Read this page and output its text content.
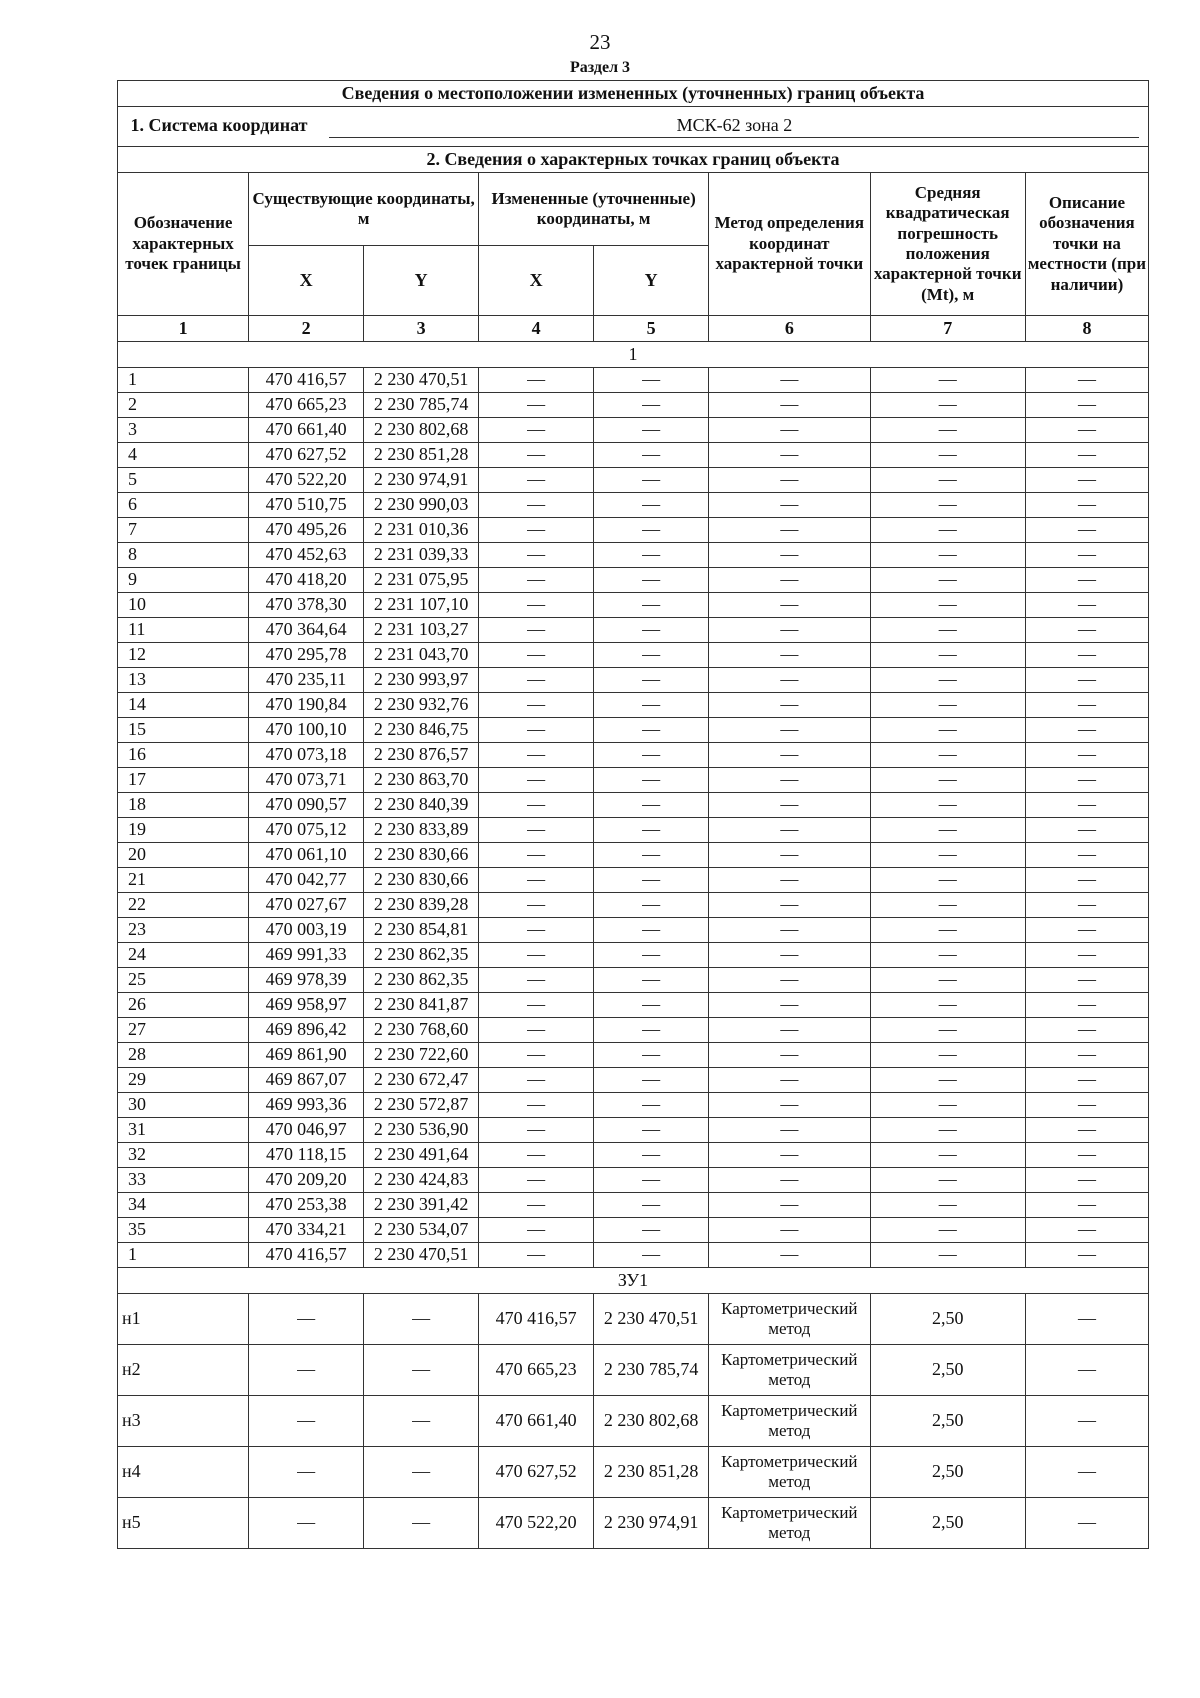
23
Раздел 3
Сведения о местоположении измененных (уточненных) границ объекта							
1. Система координат МСК-62 зона 2							
2. Сведения о характерных точках границ объекта							
Обозначение характерных точек границы	Существующие координаты, м		Измененные (уточненные) координаты, м		Метод определения координат характерной точки	Средняя квадратическая погрешность положения характерной точки (Mt), м	Описание обозначения точки на местности (при наличии)
	X	Y	X	Y			
1	2	3	4	5	6	7	8
1							
1	470 416,57	2 230 470,51	—	—	—	—	—
2	470 665,23	2 230 785,74	—	—	—	—	—
3	470 661,40	2 230 802,68	—	—	—	—	—
4	470 627,52	2 230 851,28	—	—	—	—	—
5	470 522,20	2 230 974,91	—	—	—	—	—
6	470 510,75	2 230 990,03	—	—	—	—	—
7	470 495,26	2 231 010,36	—	—	—	—	—
8	470 452,63	2 231 039,33	—	—	—	—	—
9	470 418,20	2 231 075,95	—	—	—	—	—
10	470 378,30	2 231 107,10	—	—	—	—	—
11	470 364,64	2 231 103,27	—	—	—	—	—
12	470 295,78	2 231 043,70	—	—	—	—	—
13	470 235,11	2 230 993,97	—	—	—	—	—
14	470 190,84	2 230 932,76	—	—	—	—	—
15	470 100,10	2 230 846,75	—	—	—	—	—
16	470 073,18	2 230 876,57	—	—	—	—	—
17	470 073,71	2 230 863,70	—	—	—	—	—
18	470 090,57	2 230 840,39	—	—	—	—	—
19	470 075,12	2 230 833,89	—	—	—	—	—
20	470 061,10	2 230 830,66	—	—	—	—	—
21	470 042,77	2 230 830,66	—	—	—	—	—
22	470 027,67	2 230 839,28	—	—	—	—	—
23	470 003,19	2 230 854,81	—	—	—	—	—
24	469 991,33	2 230 862,35	—	—	—	—	—
25	469 978,39	2 230 862,35	—	—	—	—	—
26	469 958,97	2 230 841,87	—	—	—	—	—
27	469 896,42	2 230 768,60	—	—	—	—	—
28	469 861,90	2 230 722,60	—	—	—	—	—
29	469 867,07	2 230 672,47	—	—	—	—	—
30	469 993,36	2 230 572,87	—	—	—	—	—
31	470 046,97	2 230 536,90	—	—	—	—	—
32	470 118,15	2 230 491,64	—	—	—	—	—
33	470 209,20	2 230 424,83	—	—	—	—	—
34	470 253,38	2 230 391,42	—	—	—	—	—
35	470 334,21	2 230 534,07	—	—	—	—	—
1	470 416,57	2 230 470,51	—	—	—	—	—
ЗУ1							
н1	—	—	470 416,57	2 230 470,51	Картометрический метод	2,50	—
н2	—	—	470 665,23	2 230 785,74	Картометрический метод	2,50	—
н3	—	—	470 661,40	2 230 802,68	Картометрический метод	2,50	—
н4	—	—	470 627,52	2 230 851,28	Картометрический метод	2,50	—
н5	—	—	470 522,20	2 230 974,91	Картометрический метод	2,50	—
